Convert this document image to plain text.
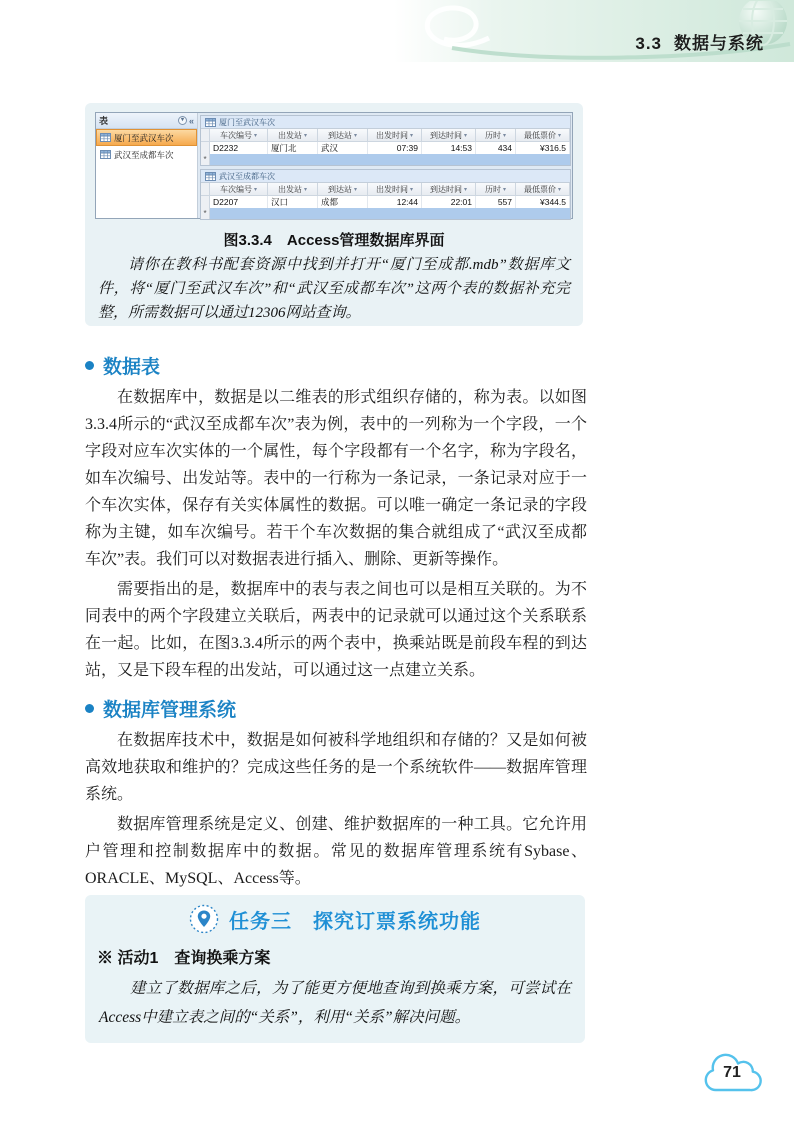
3.3 数据与系统
表	▾ «
厦门至武汉车次
武汉至成都车次
厦门至武汉车次
车次编号 ▾	出发站 ▾	到达站 ▾	出发时间 ▾	到达时间 ▾	历时 ▾	最低票价 ▾
D2232	厦门北	武汉	07:39	14:53	434	¥316.5
*
武汉至成都车次
车次编号 ▾	出发站 ▾	到达站 ▾	出发时间 ▾	到达时间 ▾	历时 ▾	最低票价 ▾
D2207	汉口	成都	12:44	22:01	557	¥344.5
*
图3.3.4　Access管理数据库界面
请你在教科书配套资源中找到并打开“厦门至成都.mdb”数据库文件，将“厦门至武汉车次”和“武汉至成都车次”这两个表的数据补充完整，所需数据可以通过12306网站查询。
数据表

在数据库中，数据是以二维表的形式组织存储的，称为表。以如图3.3.4所示的“武汉至成都车次”表为例，表中的一列称为一个字段，一个字段对应车次实体的一个属性，每个字段都有一个名字，称为字段名，如车次编号、出发站等。表中的一行称为一条记录，一条记录对应于一个车次实体，保存有关实体属性的数据。可以唯一确定一条记录的字段称为主键，如车次编号。若干个车次数据的集合就组成了“武汉至成都车次”表。我们可以对数据表进行插入、删除、更新等操作。

需要指出的是，数据库中的表与表之间也可以是相互关联的。为不同表中的两个字段建立关联后，两表中的记录就可以通过这个关系联系在一起。比如，在图3.3.4所示的两个表中，换乘站既是前段车程的到达站，又是下段车程的出发站，可以通过这一点建立关系。

数据库管理系统

在数据库技术中，数据是如何被科学地组织和存储的？又是如何被高效地获取和维护的？完成这些任务的是一个系统软件——数据库管理系统。

数据库管理系统是定义、创建、维护数据库的一种工具。它允许用户管理和控制数据库中的数据。常见的数据库管理系统有Sybase、ORACLE、MySQL、Access等。

任务三　探究订票系统功能
※ 活动1　查询换乘方案

建立了数据库之后，为了能更方便地查询到换乘方案，可尝试在Access中建立表之间的“关系”，利用“关系”解决问题。

71
